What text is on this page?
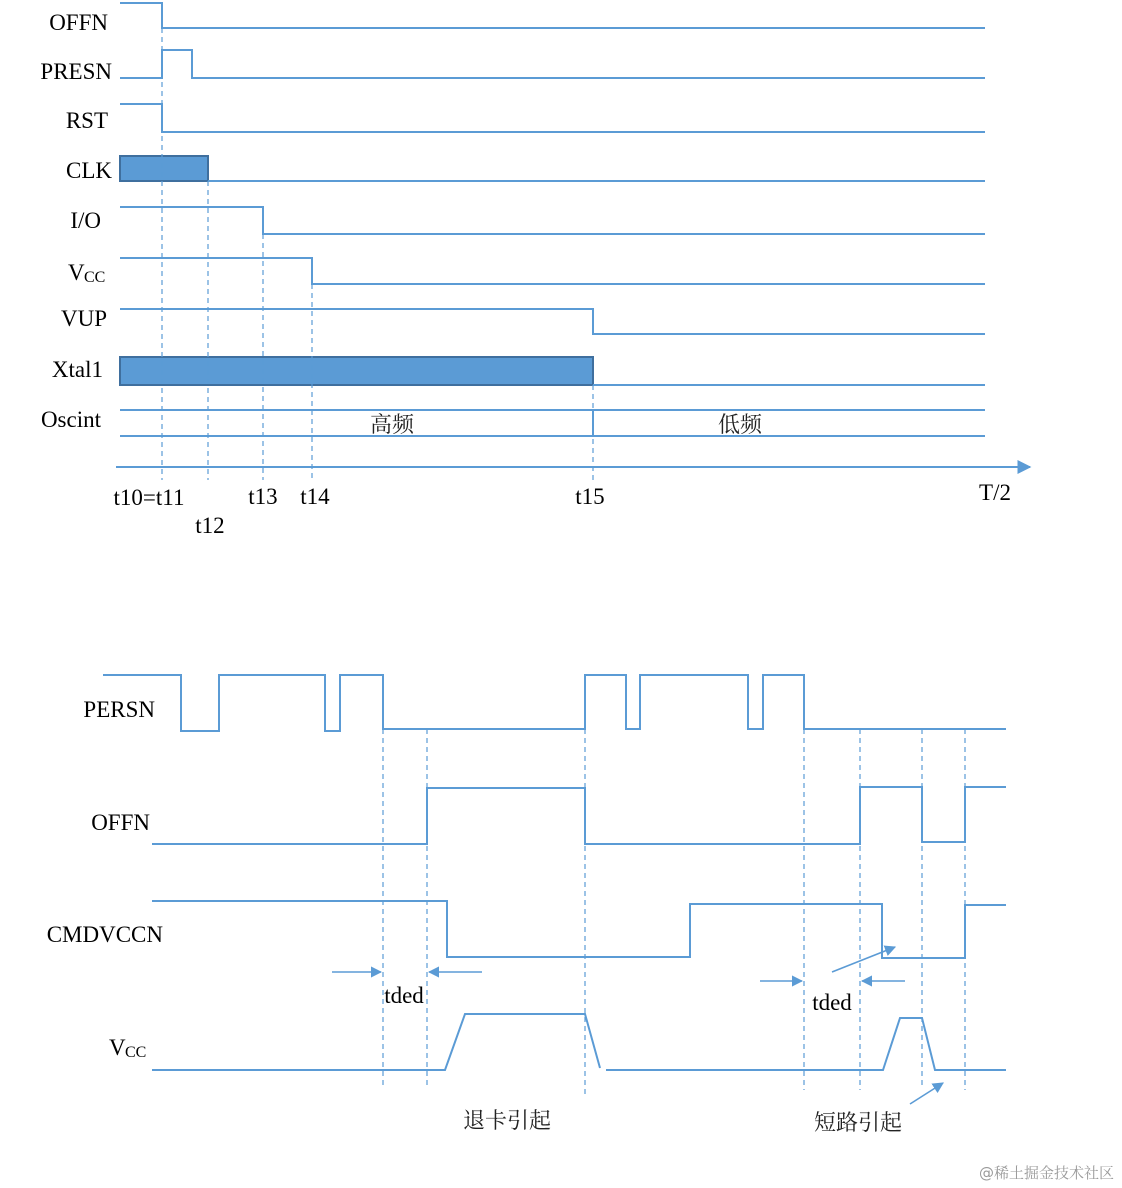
OFFN
PRESN
RST
CLK
I/O
V CC
VUP
Xtal1
Oscint	高频	低频
t10=t11
t12
t13 t14	t15	T/2
PERSN
OFFN
CMDVCCN
V CC
tded	tded
退卡引起	短路引起
@稀土掘金技术社区
